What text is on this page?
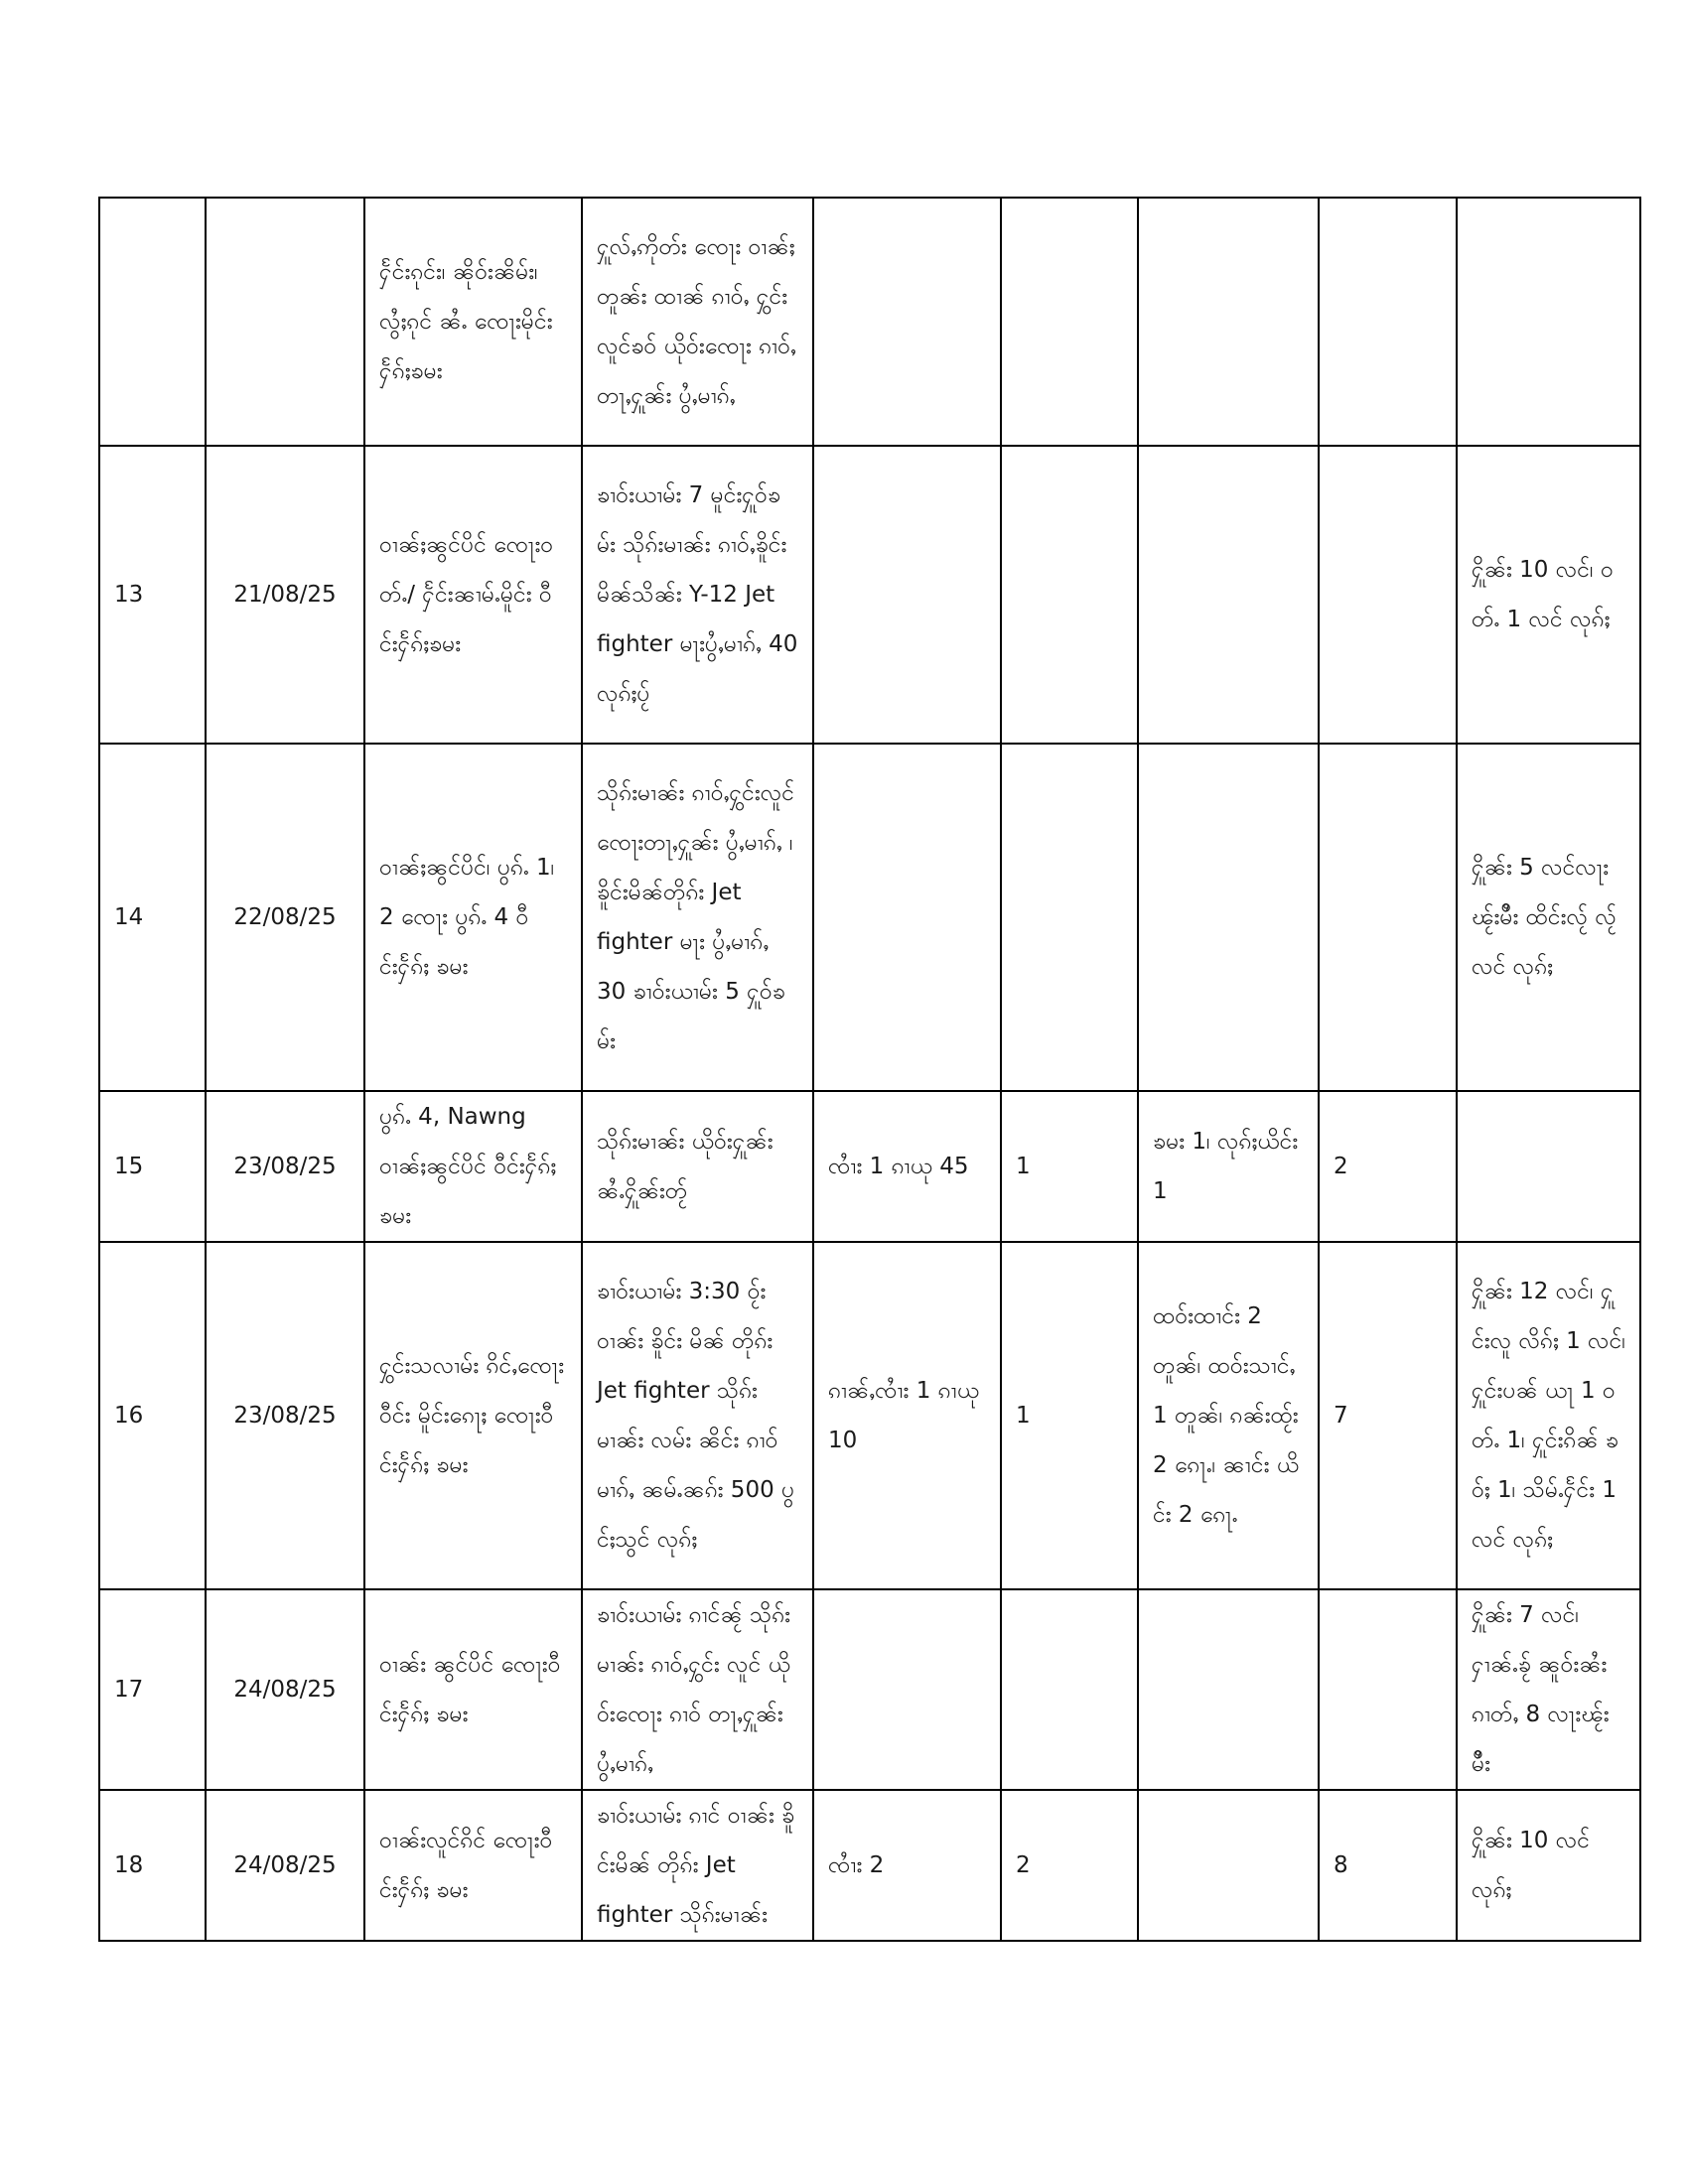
		ႁႅင်းၵုင်း၊ ၼိုဝ်းၼိမ်း၊ လွႆႈၵုင် ၼႆႉ ၸေႃးမိုင်း ႁႅၵ်ႈၶမး	ႁူလ်ႇဢိုတ်း ၸေႃး ဝၢၼ်ႈ တူၼ်း ထၢၼ် ၵၢဝ်ႇ ႁွင်းလူင်ၶဝ် ယိုဝ်းၸေႃး ၵၢဝ်ႇတႃႇႁူၼ်း ပွႆႇမၢၵ်ႇ					
13	21/08/25	ဝၢၼ်ႈၼွင်ပိင် ၸေႃးဝတ်ႉ/ ႁႅင်းၼၢမ်ႉမိူင်း ဝီင်းႁႅၵ်ႈၶမး	ၶၢဝ်းယၢမ်း 7 မူင်းႁူဝ်ၶမ်း သိုၵ်းမၢၼ်း ၵၢဝ်ႇၶိူင်း မိၼ်သိၼ်း Y-12 Jet fighter မႃးပွႆႇမၢၵ်ႇ 40 လုၵ်ႈပႂ်					ႁိူၼ်း 10 လင်၊ ဝတ်ႉ 1 လင် လုၵ်ႈ
14	22/08/25	ဝၢၼ်ႈၼွင်ပိင်၊ ပွၵ်ႉ 1၊ 2 ၸေႃး ပွၵ်ႉ 4 ဝီင်းႁႅၵ်ႈ ၶမး	သိုၵ်းမၢၼ်း ၵၢဝ်ႇႁွင်းလူင် ၸေႃးတႃႇႁူၼ်း ပွႆႇမၢၵ်ႇ ၊ ၶိူင်းမိၼ်တိုၵ်း Jet fighter မႃး ပွႆႇမၢၵ်ႇ 30 ၶၢဝ်းယၢမ်း 5 ႁူဝ်ၶမ်း					ႁိူၼ်း 5 လင်လႃး ၽႂ်းမိႆး ထိင်းလႂ် လႂ်လင် လုၵ်ႈ
15	23/08/25	ပွၵ်ႉ 4, Nawng ဝၢၼ်ႈၼွင်ပိင် ဝီင်းႁႅၵ်ႈ ၶမး	သိုၵ်းမၢၼ်း ယိုဝ်းႁူၼ်း ၼႆႉႁိူၼ်းတႂ်	ၸၢႆး 1 ၵၢယု 45	1	ၶမး 1၊ လုၵ်ႈယိင်း 1	2	
16	23/08/25	ႁွင်းသလၢမ်း ၵိင်ႇၸေႃးဝီင်း မိူင်းၵေႃႈ ၸေႃးဝီင်းႁႅၵ်ႈ ၶမး	ၶၢဝ်းယၢမ်း 3:30 ဝႂ်းဝၢၼ်း ၶိူင်း မိၼ် တိုၵ်း Jet fighter သိုၵ်း မၢၼ်း လမ်း ၼိင်း ၵၢဝ်မၢၵ်ႇ ၼမ်ႉၼၵ်း 500 ပွင်ႈသွင် လုၵ်ႈ	ၵၢၼ်ႇၸၢႆး 1 ၵၢယု 10	1	ထဝ်းထၢင်း 2 တူၼ်၊ ထဝ်းသၢင်ႇ 1 တူၼ်၊ ၵၼ်းထႂ်း 2 ၵေႃႉ၊ ၼၢင်း ယိင်း 2 ၵေႃႉ	7	ႁိူၼ်း 12 လင်၊ ႁူင်းလူ လိၵ်ႈ 1 လင်၊ ႁူင်းပၼ် ယႃ 1 ဝတ်ႉ 1၊ ႁူင်းၵိၼ် ၶဝ်ႈ 1၊ သိမ်ႉႁႅင်း 1 လင် လုၵ်ႈ
17	24/08/25	ဝၢၼ်း ၼွင်ပိင် ၸေႃးဝီင်းႁႅၵ်ႈ ၶမး	ၶၢဝ်းယၢမ်း ၵၢင်ၼႂ် သိုၵ်း မၢၼ်း ၵၢဝ်ႇႁွင်း လူင် ယိုဝ်းၸေႃး ၵၢဝ် တႃႇႁူၼ်း ပွႆႇမၢၵ်ႇ					ႁိူၼ်း 7 လင်၊ ႁၢၼ်ႉၶႂ် ၼူဝ်းၼႆး ၵၢတ်ႇ 8 လႃးၽႂ်းမိႆး
18	24/08/25	ဝၢၼ်းလူင်ၵိင် ၸေႃးဝီင်းႁႅၵ်ႈ ၶမး	ၶၢဝ်းယၢမ်း ၵၢင် ဝၢၼ်း ၶိူင်းမိၼ် တိုၵ်း Jet fighter သိုၵ်းမၢၼ်း	ၸၢႆး 2	2		8	ႁိူၼ်း 10 လင် လုၵ်ႈ
